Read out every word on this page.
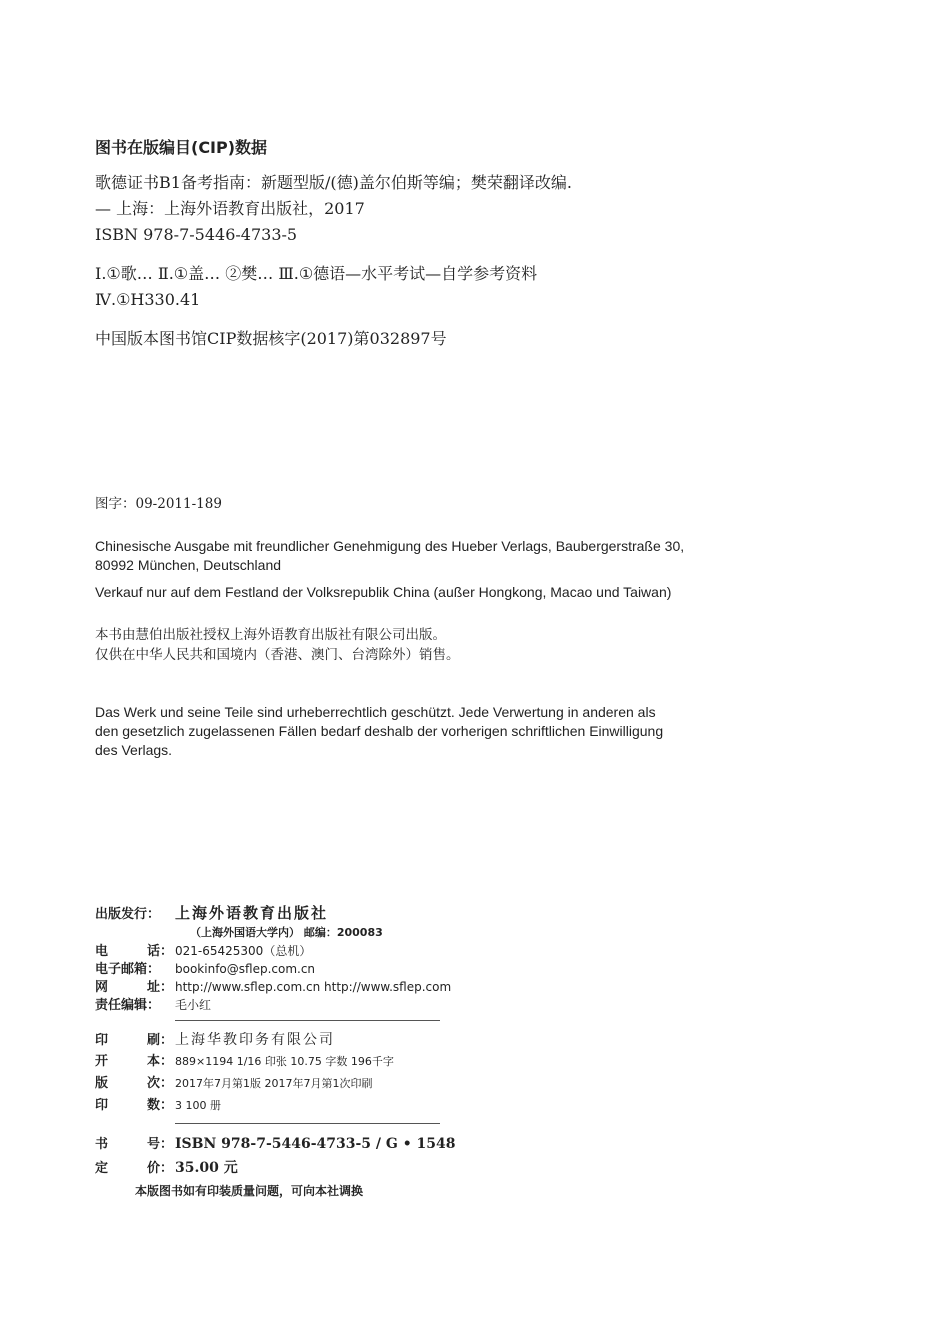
图书在版编目(CIP)数据
歌德证书B1备考指南：新题型版/(德)盖尔伯斯等编；樊荣翻译改编.
— 上海：上海外语教育出版社，2017
ISBN 978-7-5446-4733-5
Ⅰ.①歌… Ⅱ.①盖… ②樊… Ⅲ.①德语—水平考试—自学参考资料
Ⅳ.①H330.41
中国版本图书馆CIP数据核字(2017)第032897号
图字：09-2011-189
Chinesische Ausgabe mit freundlicher Genehmigung des Hueber Verlags, Baubergerstraße 30,
80992 München, Deutschland
Verkauf nur auf dem Festland der Volksrepublik China (außer Hongkong, Macao und Taiwan)
本书由慧伯出版社授权上海外语教育出版社有限公司出版。
仅供在中华人民共和国境内（香港、澳门、台湾除外）销售。
Das Werk und seine Teile sind urheberrechtlich geschützt. Jede Verwertung in anderen als
den gesetzlich zugelassenen Fällen bedarf deshalb der vorherigen schriftlichen Einwilligung
des Verlags.
出版发行： 上海外语教育出版社
（上海外国语大学内） 邮编：200083
电	话： 021-65425300（总机）
电子邮箱：	bookinfo@sflep.com.cn
网	址： http://www.sflep.com.cn http://www.sflep.com
责任编辑：	毛小红
印	刷： 上海华教印务有限公司
开	本： 889×1194 1/16 印张 10.75 字数 196千字
版	次： 2017年7月第1版 2017年7月第1次印刷
印	数： 3 100 册
书	号： ISBN 978-7-5446-4733-5 / G • 1548
定	价： 35.00 元
本版图书如有印装质量问题，可向本社调换
